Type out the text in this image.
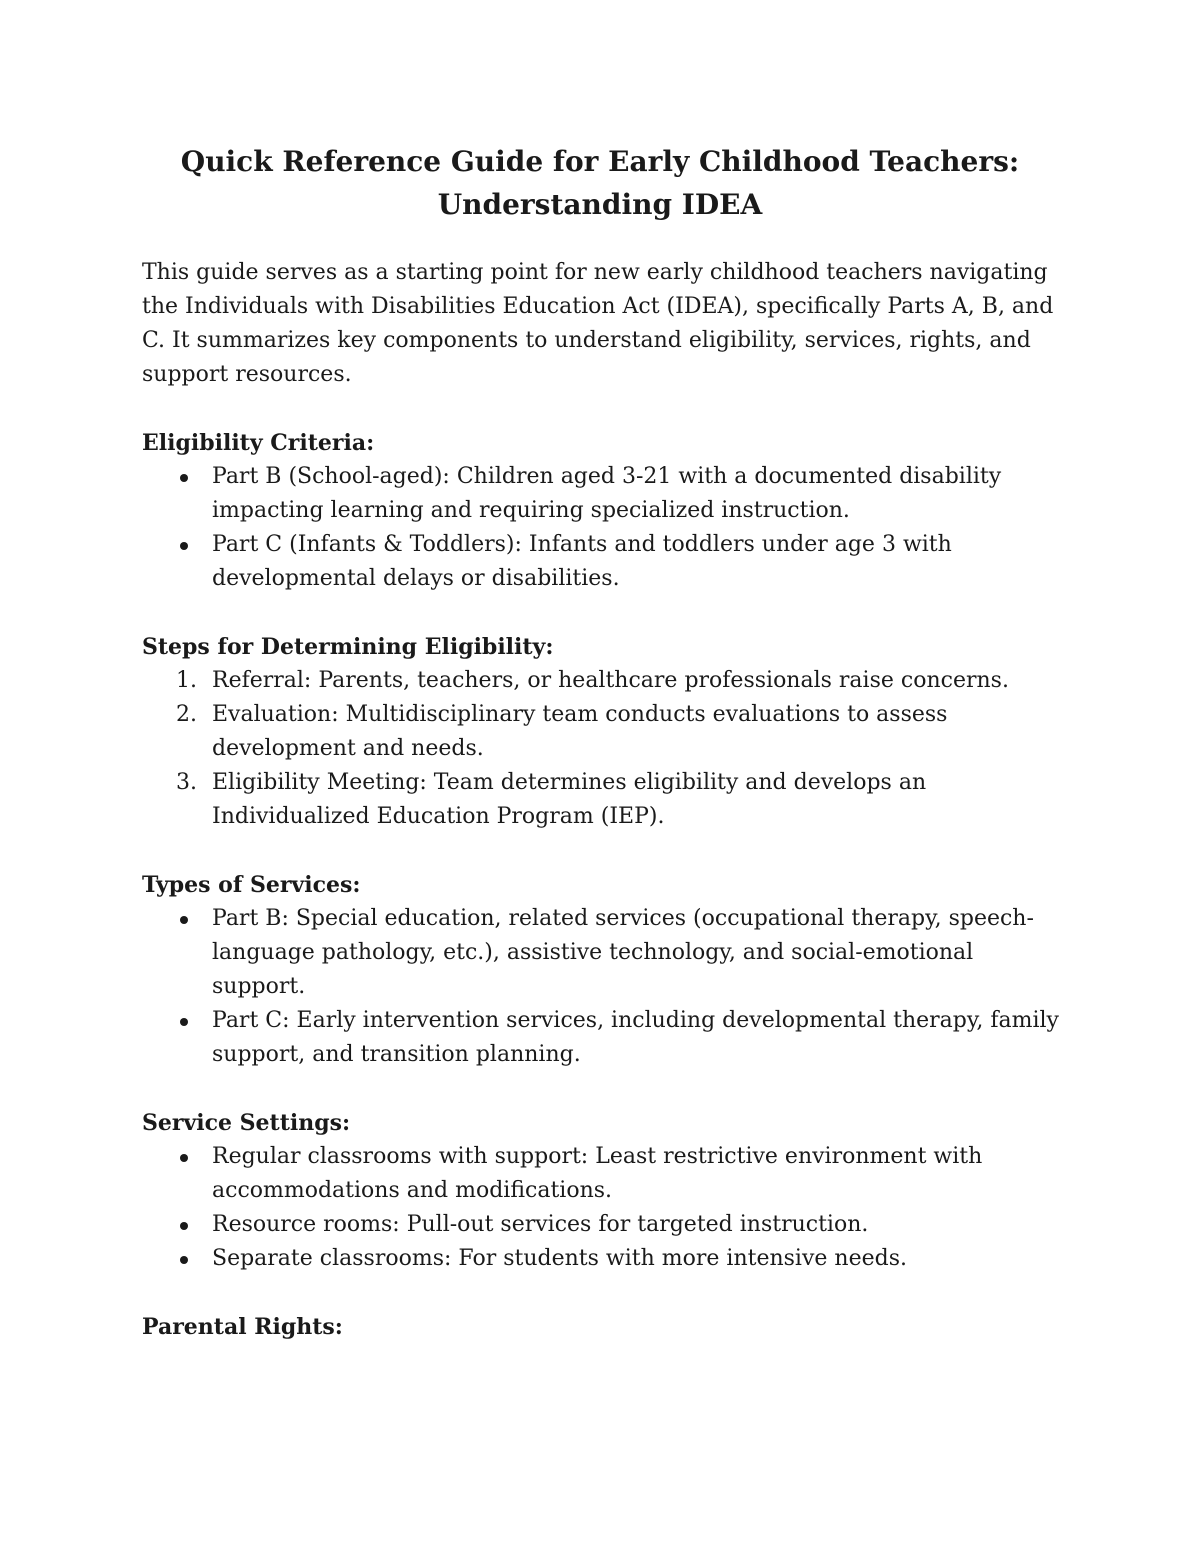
Quick Reference Guide for Early Childhood Teachers:
Understanding IDEA

This guide serves as a starting point for new early childhood teachers navigating the Individuals with Disabilities Education Act (IDEA), specifically Parts A, B, and C. It summarizes key components to understand eligibility, services, rights, and support resources.

Eligibility Criteria:

Part B (School-aged): Children aged 3-21 with a documented disability impacting learning and requiring specialized instruction.
Part C (Infants & Toddlers): Infants and toddlers under age 3 with developmental delays or disabilities.

Steps for Determining Eligibility:

1. Referral: Parents, teachers, or healthcare professionals raise concerns.
2. Evaluation: Multidisciplinary team conducts evaluations to assess development and needs.
3. Eligibility Meeting: Team determines eligibility and develops an Individualized Education Program (IEP).

Types of Services:

Part B: Special education, related services (occupational therapy, speech-language pathology, etc.), assistive technology, and social-emotional support.
Part C: Early intervention services, including developmental therapy, family support, and transition planning.

Service Settings:

Regular classrooms with support: Least restrictive environment with accommodations and modifications.
Resource rooms: Pull-out services for targeted instruction.
Separate classrooms: For students with more intensive needs.

Parental Rights:
